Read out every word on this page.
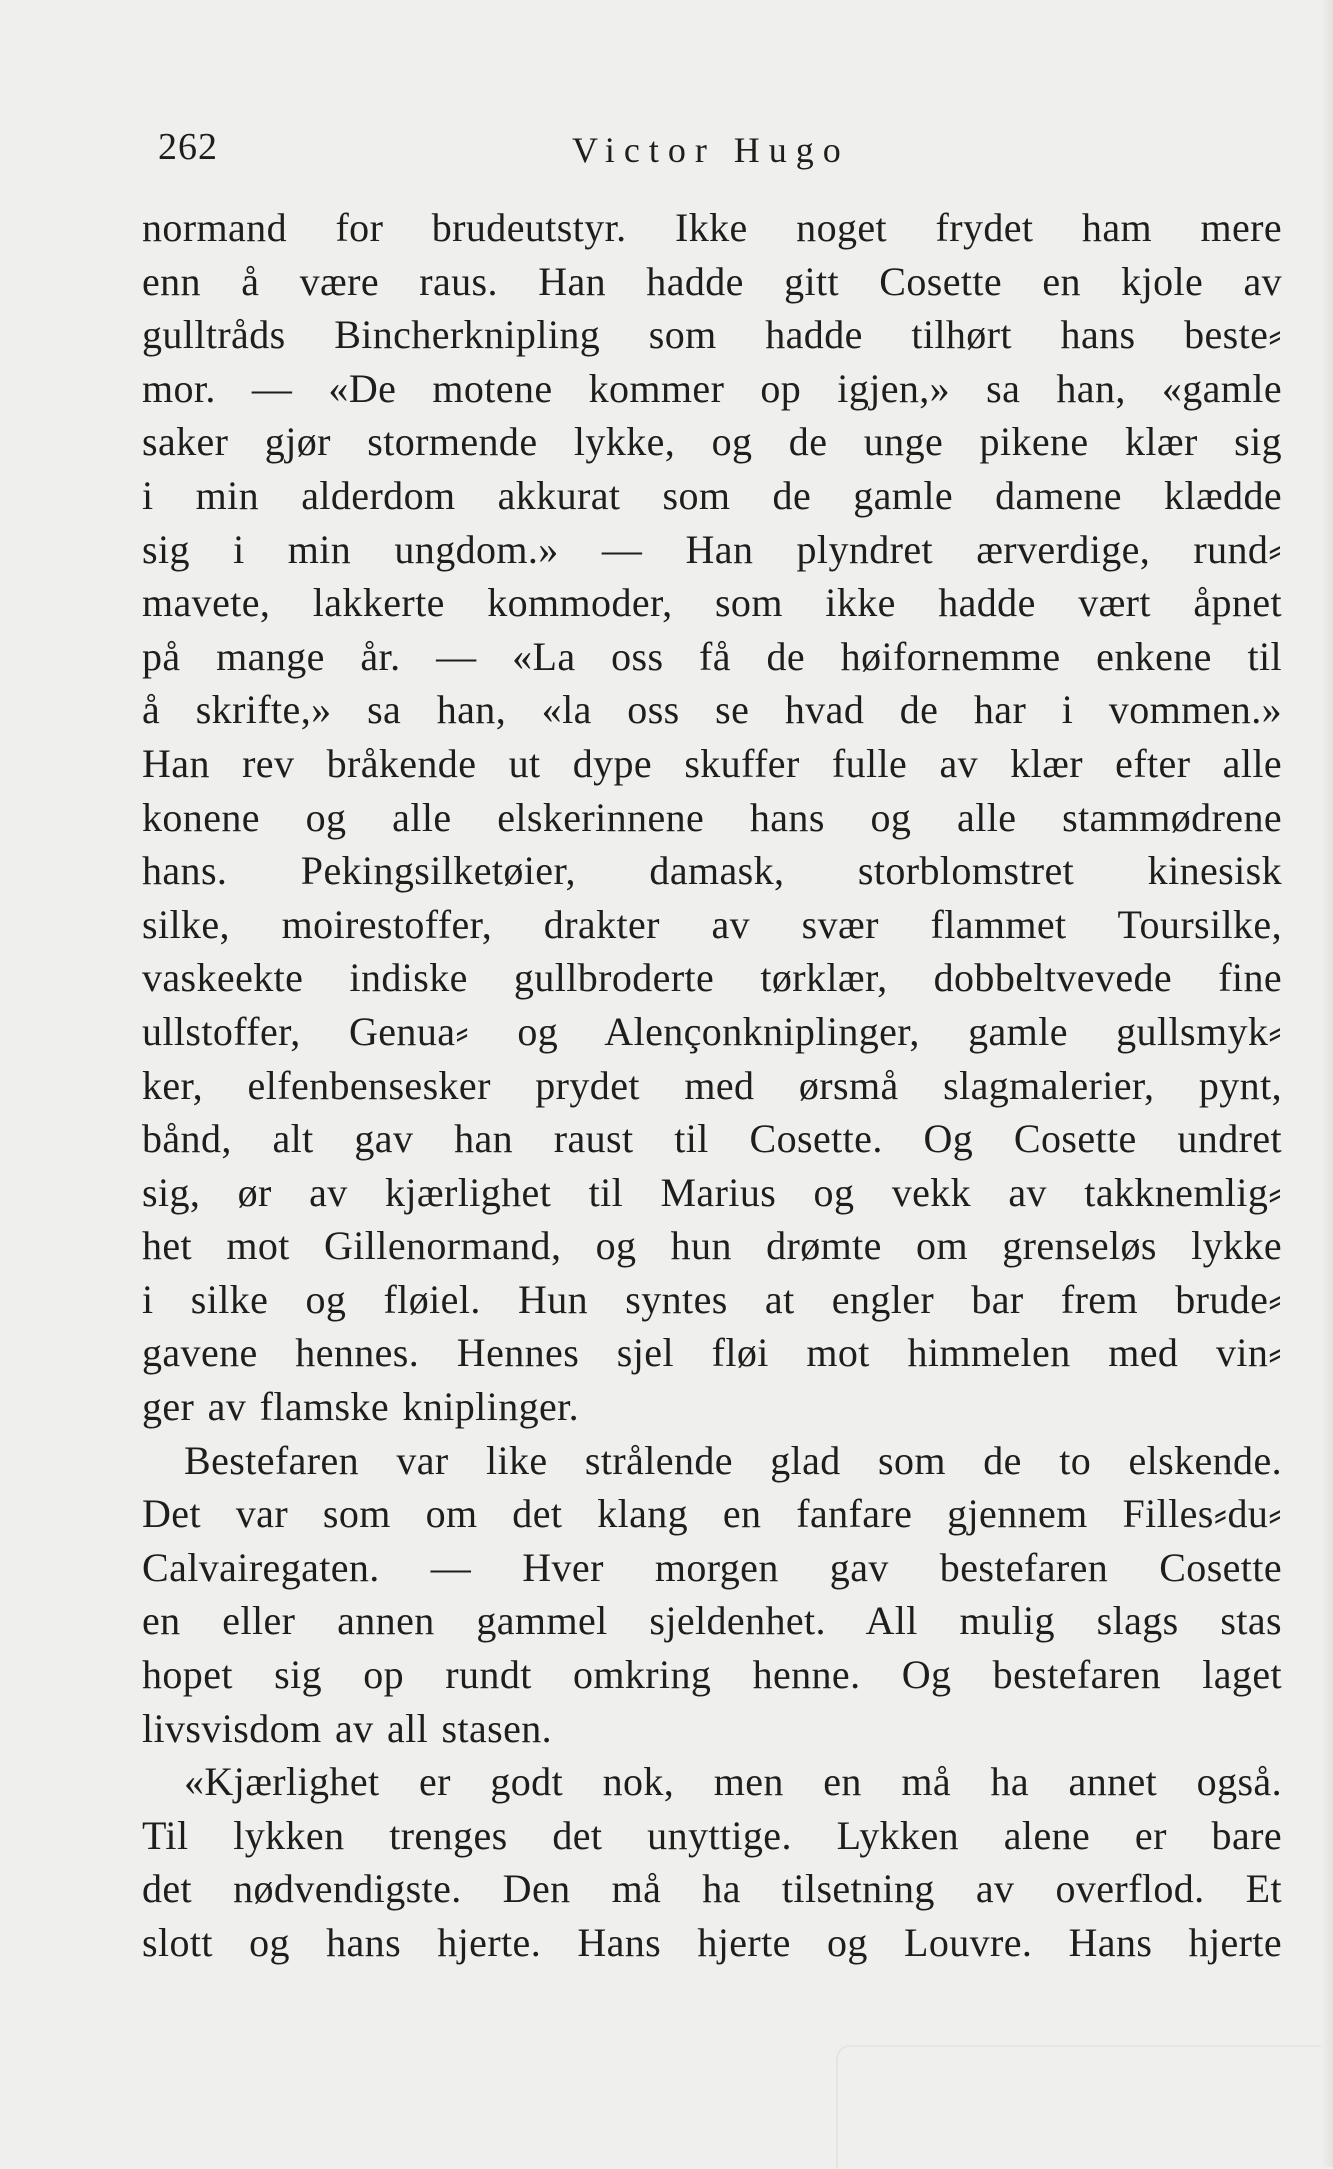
262	Victor Hugo
normand for brudeutstyr. Ikke noget frydet ham mere
enn å være raus. Han hadde gitt Cosette en kjole av
gulltråds Bincherknipling som hadde tilhørt hans beste⸗
mor. — «De motene kommer op igjen,» sa han, «gamle
saker gjør stormende lykke, og de unge pikene klær sig
i min alderdom akkurat som de gamle damene klædde
sig i min ungdom.» — Han plyndret ærverdige, rund⸗
mavete, lakkerte kommoder, som ikke hadde vært åpnet
på mange år. — «La oss få de høifornemme enkene til
å skrifte,» sa han, «la oss se hvad de har i vommen.»
Han rev bråkende ut dype skuffer fulle av klær efter alle
konene og alle elskerinnene hans og alle stammødrene
hans. Pekingsilketøier, damask, storblomstret kinesisk
silke, moirestoffer, drakter av svær flammet Toursilke,
vaskeekte indiske gullbroderte tørklær, dobbeltvevede fine
ullstoffer, Genua⸗ og Alençonkniplinger, gamle gullsmyk⸗
ker, elfenbensesker prydet med ørsmå slagmalerier, pynt,
bånd, alt gav han raust til Cosette. Og Cosette undret
sig, ør av kjærlighet til Marius og vekk av takknemlig⸗
het mot Gillenormand, og hun drømte om grenseløs lykke
i silke og fløiel. Hun syntes at engler bar frem brude⸗
gavene hennes. Hennes sjel fløi mot himmelen med vin⸗
ger av flamske kniplinger.
Bestefaren var like strålende glad som de to elskende.
Det var som om det klang en fanfare gjennem Filles⸗du⸗
Calvairegaten. — Hver morgen gav bestefaren Cosette
en eller annen gammel sjeldenhet. All mulig slags stas
hopet sig op rundt omkring henne. Og bestefaren laget
livsvisdom av all stasen.
«Kjærlighet er godt nok, men en må ha annet også.
Til lykken trenges det unyttige. Lykken alene er bare
det nødvendigste. Den må ha tilsetning av overflod. Et
slott og hans hjerte. Hans hjerte og Louvre. Hans hjerte
